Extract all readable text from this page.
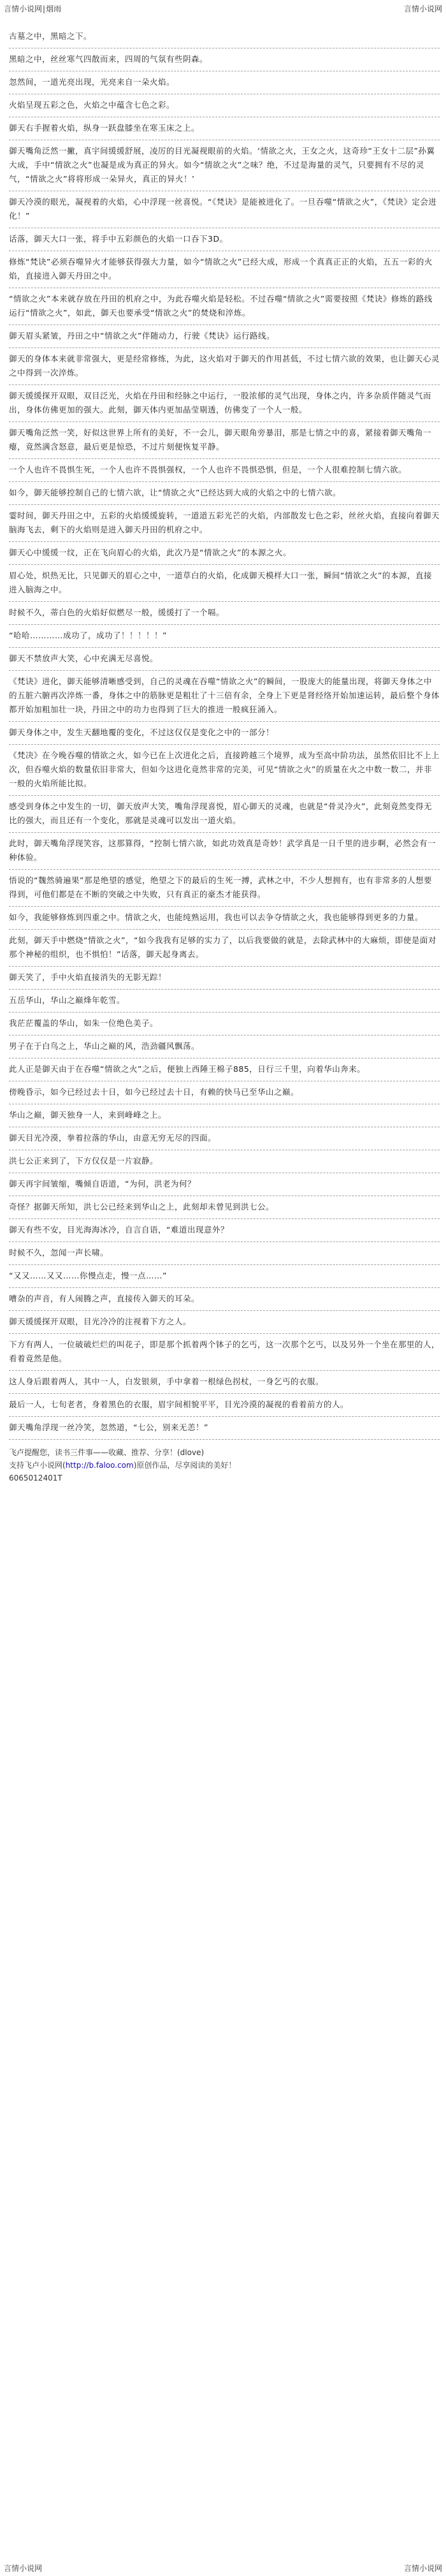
言情小说网|烟雨	言情小说网

古墓之中，黑暗之下。

黑暗之中，丝丝寒气四散而来，四周的气氛有些阴森。

忽然间，一道光亮出现，光亮来自一朵火焰。

火焰呈现五彩之色，火焰之中蕴含七色之彩。

御天右手握着火焰，纵身一跃盘膝坐在寒玉床之上。

御天嘴角泛然一撇，真宇间缓缓舒展，凌厉的目光凝视眼前的火焰。‘情欲之火，王女之火，这奇珍“王女十二层”孙翼大成，手中“情欲之火”也凝是成为真正的异火。如今“情欲之火”之味？绝，不过是海量的灵气，只要拥有不尽的灵气，“情欲之火”将将形成一朵异火，真正的异火！’

御天冷漠的眼光，凝视着的火焰，心中浮现一丝喜悦。“《梵诀》是能被进化了。一旦吞噬“情欲之火”，《梵诀》定会进化！”

话落，御天大口一张，将手中五彩颜色的火焰一口吞下3D。

修炼“梵诀”必须吞噬异火才能够获得强大力量，如今“情欲之火”已经大成，形成一个真真正正的火焰，五五一彩的火焰，直接进入御天丹田之中。

“情欲之火”本来就存放在丹田的机府之中，为此吞噬火焰是轻松。不过吞噬“情欲之火”需要按照《梵诀》修炼的路线运行“情欲之火”，如此，御天也要承受“情欲之火”的焚烧和淬炼。

御天眉头紧皱，丹田之中“情欲之火”伴随动力，行驶《梵诀》运行路线。

御天的身体本来就非常强大，更是经常修练，为此，这火焰对于御天的作用甚低，不过七情六欲的效果，也让御天心灵之中得到一次淬炼。

御天缓缓探开双眼，双目泛光，火焰在丹田和经脉之中运行，一股浓郁的灵气出现，身体之内，许多杂质伴随灵气而出，身体仿佛更加的强大。此刻，御天体内更加晶莹剔透，仿佛变了一个人一般。

御天嘴角泛然一笑，好似这世界上所有的美好，不一会儿，御天眼角旁暴泪，那是七情之中的喜，紧接着御天嘴角一瘪，竟然满含怒意，最后更是惊恐，不过片刻便恢复平静。

一个人也许不畏惧生死，一个人也许不畏惧强权，一个人也许不畏惧恐惧，但是，一个人很难控制七情六欲。

如今，御天能够控制自己的七情六欲，让“情欲之火”已经达到大成的火焰之中的七情六欲。

霎时间，御天丹田之中，五彩的火焰缓缓旋转，一道道五彩光芒的火焰，内部散发七色之彩，丝丝火焰，直接向着御天脑海飞去，剩下的火焰则是进入御天丹田的机府之中。

御天心中缓缓一纹，正在飞向眉心的火焰，此次乃是“情欲之火”的本源之火。

眉心处，炽热无比，只见御天的眉心之中，一道草白的火焰，化成御天模样大口一张，瞬间“情欲之火”的本源，直接进入脑海之中。

时候不久，蒂白色的火焰好似燃尽一般，缓缓打了一个嗝。

“哈哈…………成功了，成功了！！！！！”

御天不禁放声大笑，心中充满无尽喜悦。

《梵诀》进化，御天能够清晰感受到，自己的灵魂在吞噬“情欲之火”的瞬间，一股庞大的能量出现，将御天身体之中的五脏六腑再次淬炼一番，身体之中的筋脉更是粗壮了十三倍有余，全身上下更是肾经络开始加速运转，最后整个身体都开始加粗加壮一块，丹田之中的功力也得到了巨大的推进一般疯狂涌入。

御天身体之中，发生天翻地覆的变化，不过这仅仅是变化之中的一部分！

《梵决》在今晚吞噬的情欲之火，如今已在上次进化之后，直接跨越三个境界，成为至高中阶功法，虽然依旧比不上上次，但吞噬火焰的数量依旧非常大，但如今这进化竟然非常的完美，可见“情欲之火”的质量在火之中数一数二，并非一般的火焰所能比拟。

感受到身体之中发生的一切，御天放声大笑，嘴角浮现喜悦，眉心御天的灵魂，也就是“骨灵冷火”，此刻竟然变得无比的强大，而且还有一个变化，那就是灵魂可以发出一道火焰。

此时，御天嘴角浮现笑容，这那算得，“控制七情六欲，如此功效真是奇妙！武学真是一日千里的进步啊，必然会有一种体验。

悟说的“魏然骑遍果”那是绝望的感觉，绝望之下的最后的生死一搏，武林之中，不少人想拥有，也有非常多的人想要得到，可他们都是在不断的突破之中失败，只有真正的豪杰才能获得。

如今，我能够修炼到四重之中。情欲之火，也能纯熟运用，我也可以去争夺情欲之火，我也能够得到更多的力量。

此刻，御天手中燃烧“情欲之火”，“如今我我有足够的实力了，以后我要做的就是，去除武林中的大麻烦，即使是面对那个神秘的组织，也不惧怕！”话落，御天起身离去。

御天笑了，手中火焰直接消失的无影无踪！

五岳华山，华山之巅烽年乾雪。

我茫茫覆盖的华山，如朱一位绝色美子。

男子在于白鸟之上，华山之巅的风，浩劲疆风飘荡。

此人正是御天由于在吞噬“情欲之火”之后，便独上西陲王棉子885，日行三千里，向着华山奔来。

傍晚昏示，如今已经过去十日，如今已经过去十日，有赖的快马已至华山之巅。

华山之巅，御天独身一人，来到峰峰之上。

御天目光冷漠，拳着拉落的华山，由意无穷无尽的四面。

洪七公正来到了，下方仅仅是一片寂静。

御天再宇间皱缩，嘴倾自语道，“为何，洪老为何？

奇怪？据御天所知，洪七公已经来到华山之上，此刻却未曾见到洪七公。

御天有些不安，目光海海冰冷，自言自语，“难道出现意外？

时候不久，忽闻一声长啸。

“又又……又又……你慢点走，慢一点……”

嘈杂的声音，有人闹腾之声，直接传入御天的耳朵。

御天缓缓探开双眼，目光冷冷的注视着下方之人。

下方有两人，一位破破烂烂的叫花子，即是那个抓着两个钵子的乞丐，这一次那个乞丐，以及另外一个坐在那里的人，看着竟然是他。

这人身后跟着两人，其中一人，白发银须，手中拿着一根绿色拐杖，一身乞丐的衣服。

最后一人，七旬老者，身着黑色的衣服，眉宇间相貌平平，目光冷漠的凝视的看着前方的人。

御天嘴角浮现一丝冷笑，忽然道，“七公，别来无恙！”

飞卢提醒您，读书三件事——收藏、推荐、分享！(dlove)
支持飞卢小说网(http://b.faloo.com)原创作品，尽享阅读的美好！
6065012401T
言情小说网	言情小说网
